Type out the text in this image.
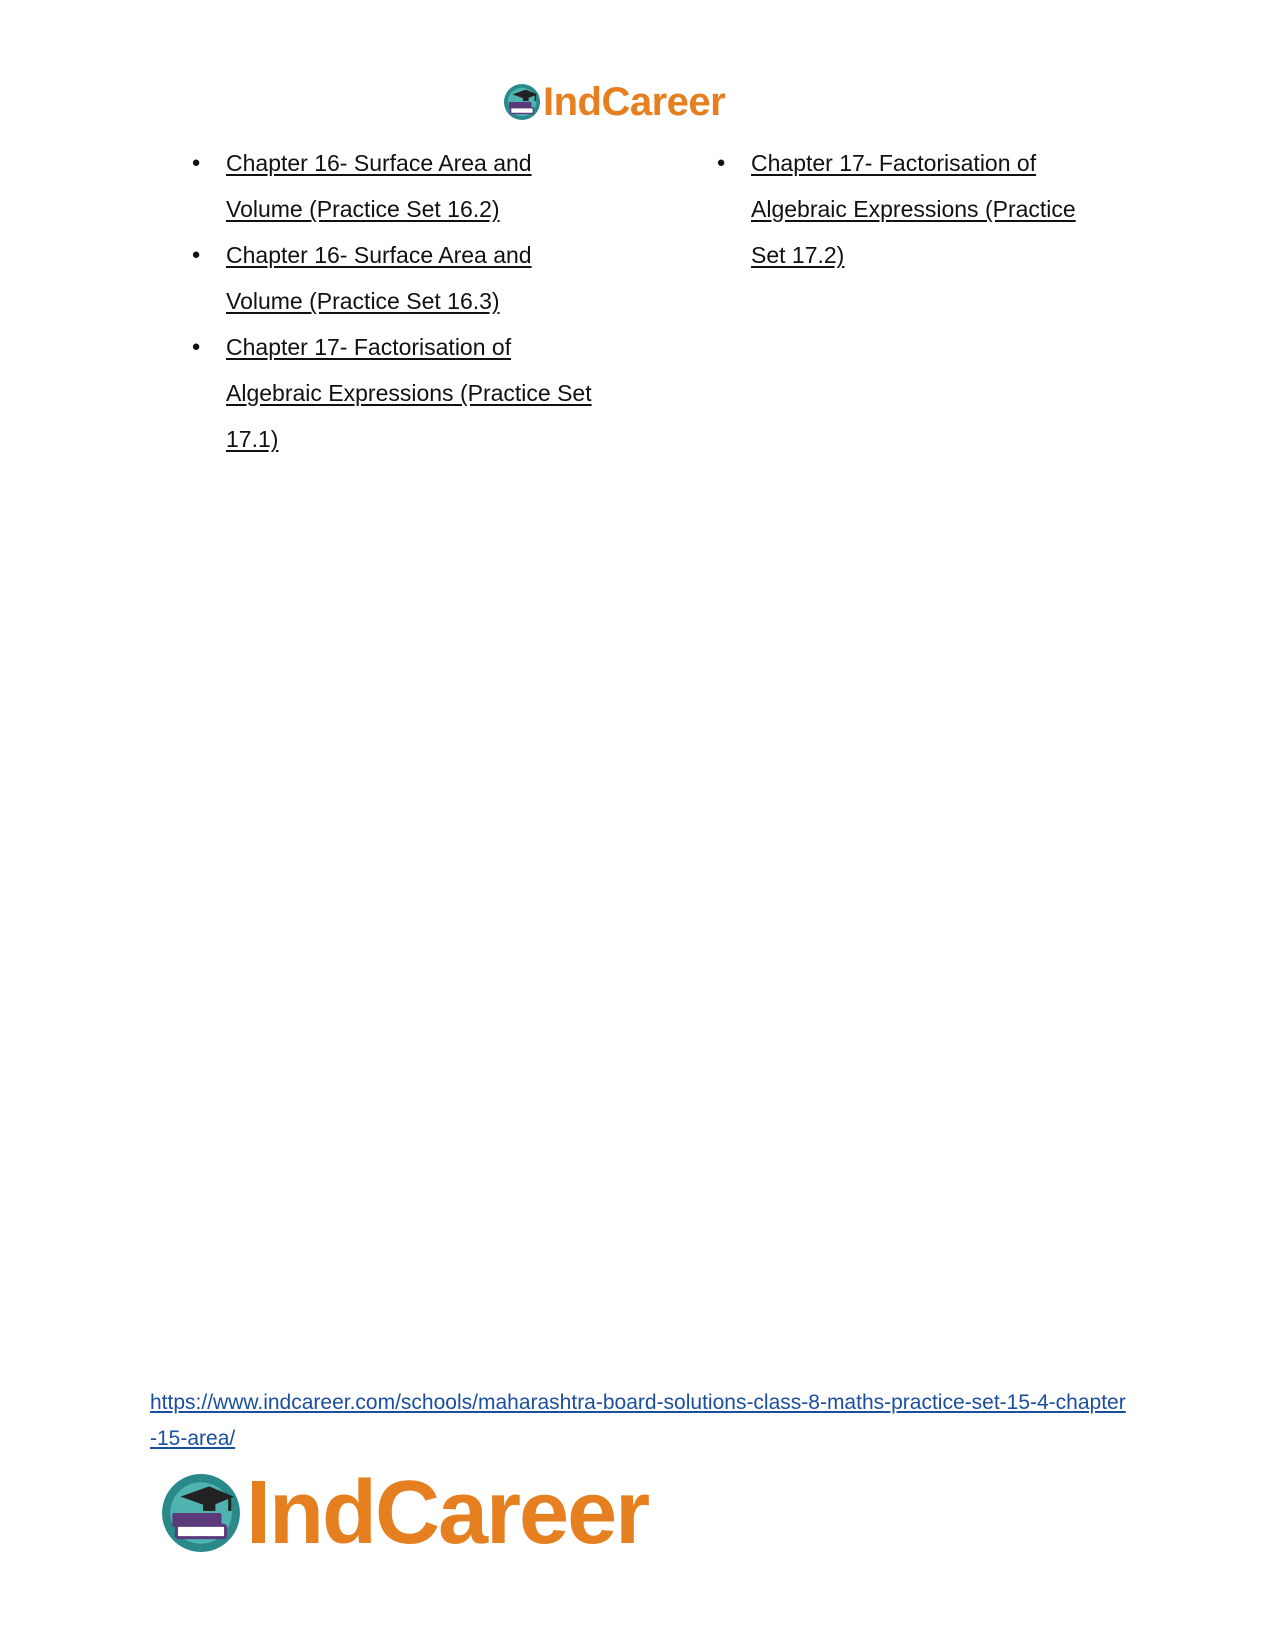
IndCareer
● Chapter 16- Surface Area and Volume (Practice Set 16.2)
● Chapter 16- Surface Area and Volume (Practice Set 16.3)
● Chapter 17- Factorisation of Algebraic Expressions (Practice Set 17.1)
● Chapter 17- Factorisation of Algebraic Expressions (Practice Set 17.2)
https://www.indcareer.com/schools/maharashtra-board-solutions-class-8-maths-practice-set-15-4-chapter-15-area/
IndCareer
